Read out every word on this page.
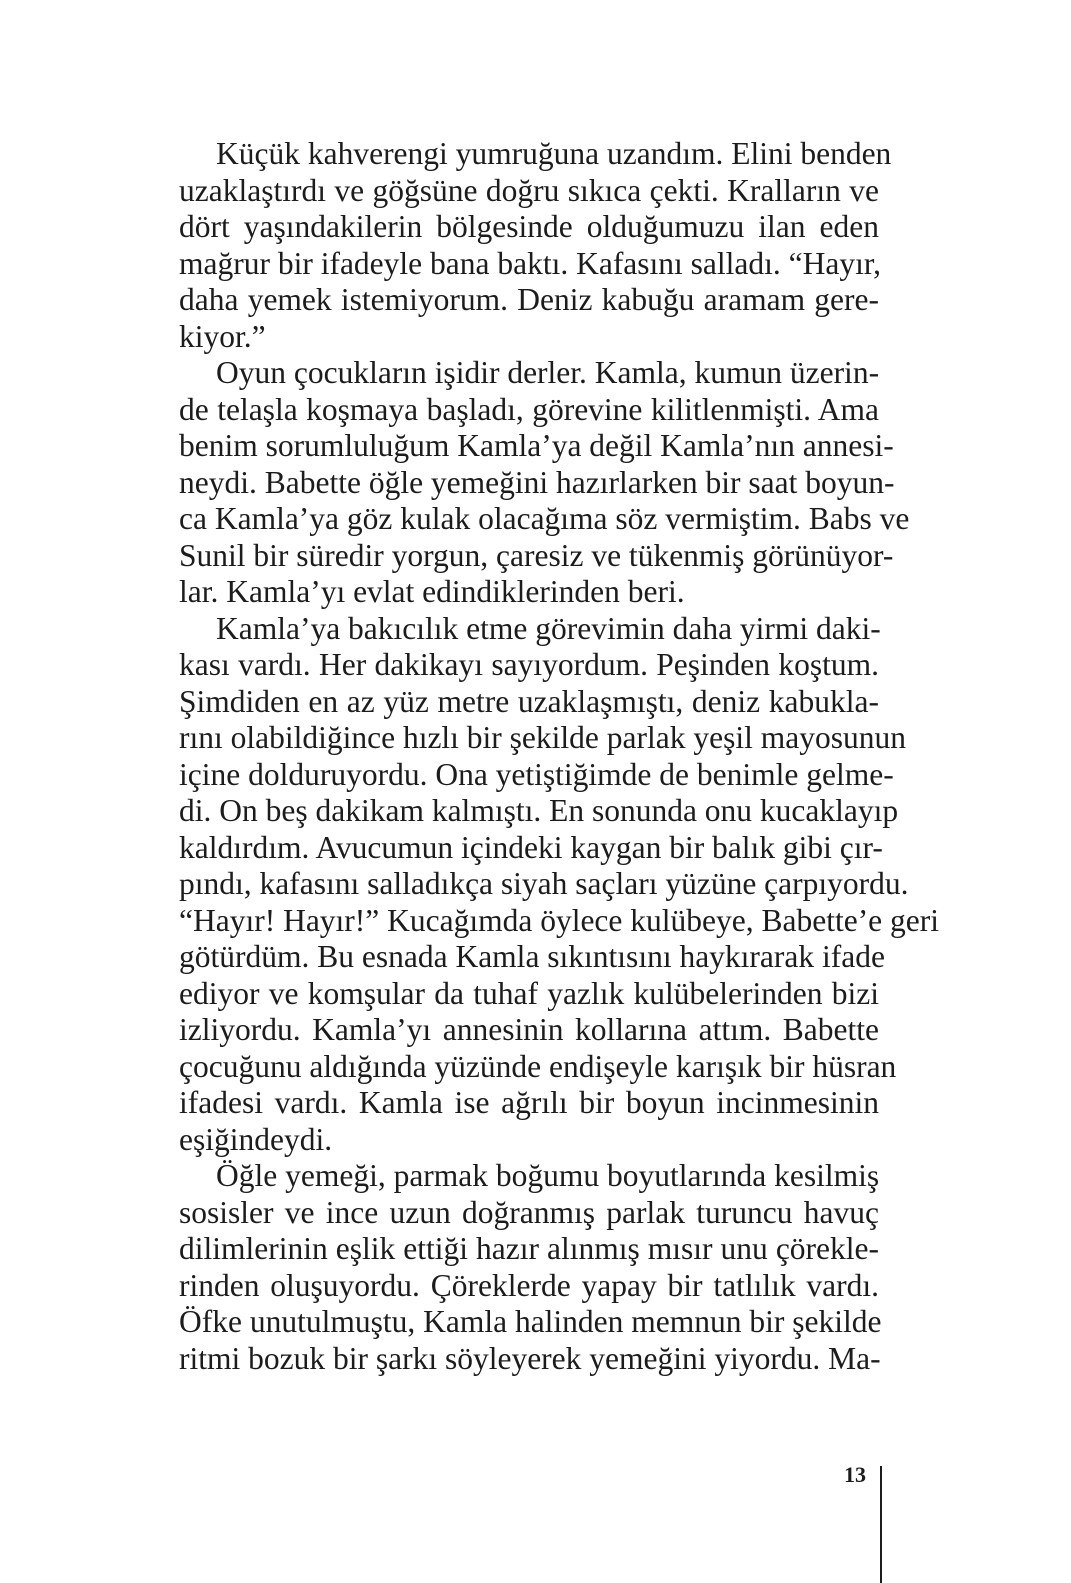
Küçük kahverengi yumruğuna uzandım. Elini benden
uzaklaştırdı ve göğsüne doğru sıkıca çekti. Kralların ve
dört yaşındakilerin bölgesinde olduğumuzu ilan eden
mağrur bir ifadeyle bana baktı. Kafasını salladı. “Hayır,
daha yemek istemiyorum. Deniz kabuğu aramam gere-
kiyor.”
Oyun çocukların işidir derler. Kamla, kumun üzerin-
de telaşla koşmaya başladı, görevine kilitlenmişti. Ama
benim sorumluluğum Kamla’ya değil Kamla’nın annesi-
neydi. Babette öğle yemeğini hazırlarken bir saat boyun-
ca Kamla’ya göz kulak olacağıma söz vermiştim. Babs ve
Sunil bir süredir yorgun, çaresiz ve tükenmiş görünüyor-
lar. Kamla’yı evlat edindiklerinden beri.
Kamla’ya bakıcılık etme görevimin daha yirmi daki-
kası vardı. Her dakikayı sayıyordum. Peşinden koştum.
Şimdiden en az yüz metre uzaklaşmıştı, deniz kabukla-
rını olabildiğince hızlı bir şekilde parlak yeşil mayosunun
içine dolduruyordu. Ona yetiştiğimde de benimle gelme-
di. On beş dakikam kalmıştı. En sonunda onu kucaklayıp
kaldırdım. Avucumun içindeki kaygan bir balık gibi çır-
pındı, kafasını salladıkça siyah saçları yüzüne çarpıyordu.
“Hayır! Hayır!” Kucağımda öylece kulübeye, Babette’e geri
götürdüm. Bu esnada Kamla sıkıntısını haykırarak ifade
ediyor ve komşular da tuhaf yazlık kulübelerinden bizi
izliyordu. Kamla’yı annesinin kollarına attım. Babette
çocuğunu aldığında yüzünde endişeyle karışık bir hüsran
ifadesi vardı. Kamla ise ağrılı bir boyun incinmesinin
eşiğindeydi.
Öğle yemeği, parmak boğumu boyutlarında kesilmiş
sosisler ve ince uzun doğranmış parlak turuncu havuç
dilimlerinin eşlik ettiği hazır alınmış mısır unu çörekle-
rinden oluşuyordu. Çöreklerde yapay bir tatlılık vardı.
Öfke unutulmuştu, Kamla halinden memnun bir şekilde
ritmi bozuk bir şarkı söyleyerek yemeğini yiyordu. Ma-
13
